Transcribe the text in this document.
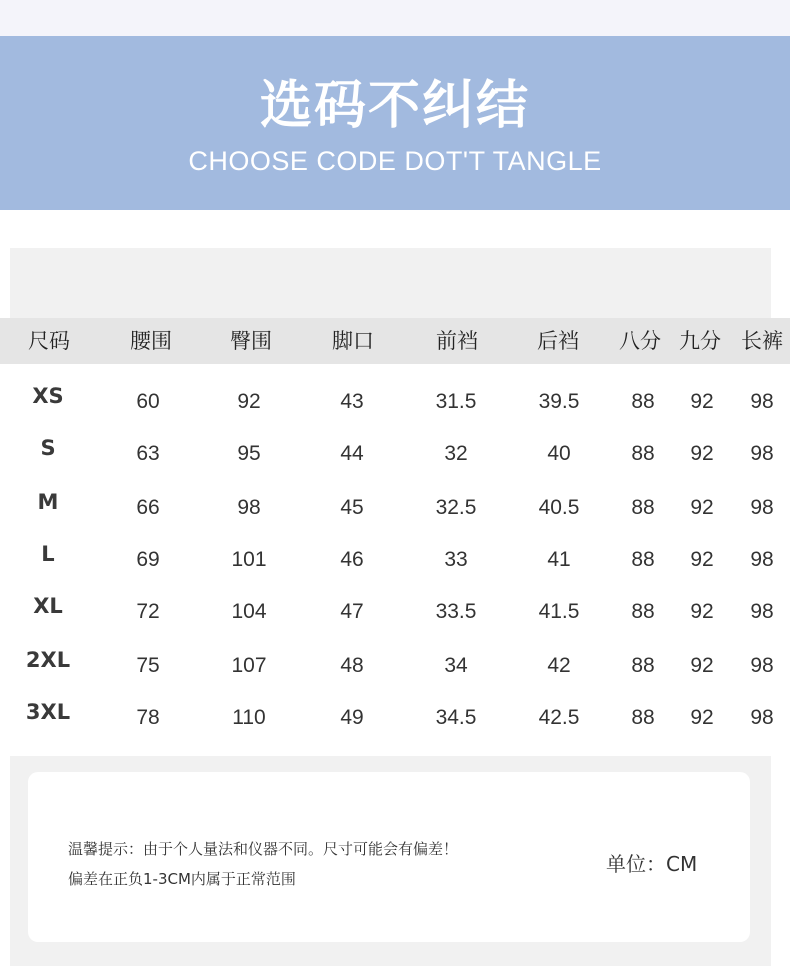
选码不纠结
CHOOSE CODE DOT'T TANGLE
尺码	腰围	臀围	脚口	前裆	后裆 八分 九分 长裤
XS	60	92	43	31.5	39.5 88 92 98
S	63	95	44	32	40	88 92 98
M	66	98	45	32.5	40.5 88 92 98
L	69	101	46	33	41	88 92 98
XL	72	104	47	33.5	41.5 88 92 98
2XL	75	107	48	34	42	88 92 98
3XL	78	110	49	34.5	42.5 88 92 98
温馨提示：由于个人量法和仪器不同。尺寸可能会有偏差！
偏差在正负1-3CM内属于正常范围
单位：CM
